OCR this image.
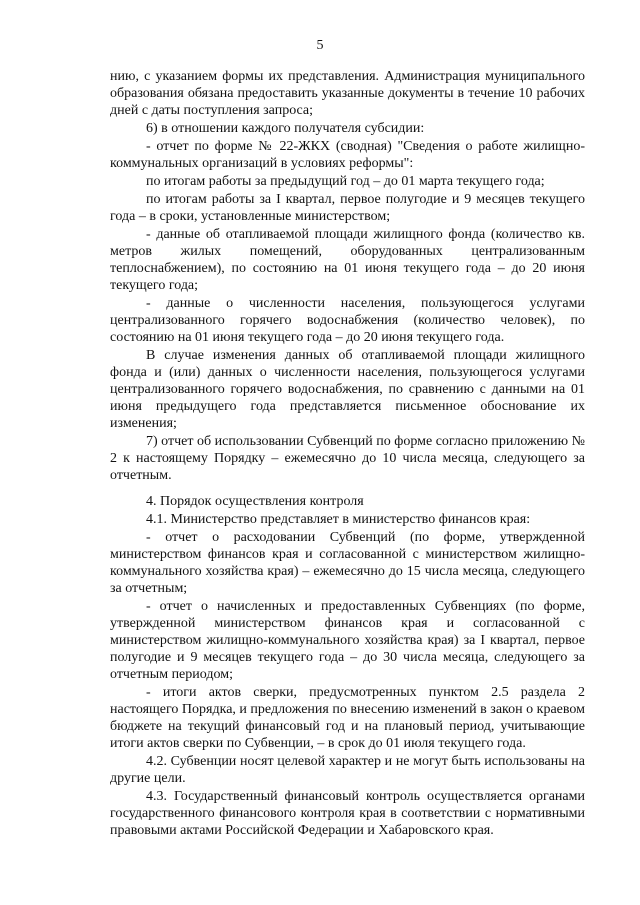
5

нию, с указанием формы их представления. Администрация муниципального образования обязана предоставить указанные документы в течение 10 рабочих дней с даты поступления запроса;

6) в отношении каждого получателя субсидии:

- отчет по форме № 22-ЖКХ (сводная) "Сведения о работе жилищно-коммунальных организаций в условиях реформы":

по итогам работы за предыдущий год – до 01 марта текущего года;

по итогам работы за I квартал, первое полугодие и 9 месяцев текущего года – в сроки, установленные министерством;

- данные об отапливаемой площади жилищного фонда (количество кв. метров жилых помещений, оборудованных централизованным теплоснабжением), по состоянию на 01 июня текущего года – до 20 июня текущего года;

- данные о численности населения, пользующегося услугами централизованного горячего водоснабжения (количество человек), по состоянию на 01 июня текущего года – до 20 июня текущего года.

В случае изменения данных об отапливаемой площади жилищного фонда и (или) данных о численности населения, пользующегося услугами централизованного горячего водоснабжения, по сравнению с данными на 01 июня предыдущего года представляется письменное обоснование их изменения;

7) отчет об использовании Субвенций по форме согласно приложению № 2 к настоящему Порядку – ежемесячно до 10 числа месяца, следующего за отчетным.

4. Порядок осуществления контроля

4.1. Министерство представляет в министерство финансов края:

- отчет о расходовании Субвенций (по форме, утвержденной министерством финансов края и согласованной с министерством жилищно-коммунального хозяйства края) – ежемесячно до 15 числа месяца, следующего за отчетным;

- отчет о начисленных и предоставленных Субвенциях (по форме, утвержденной министерством финансов края и согласованной с министерством жилищно-коммунального хозяйства края) за I квартал, первое полугодие и 9 месяцев текущего года – до 30 числа месяца, следующего за отчетным периодом;

- итоги актов сверки, предусмотренных пунктом 2.5 раздела 2 настоящего Порядка, и предложения по внесению изменений в закон о краевом бюджете на текущий финансовый год и на плановый период, учитывающие итоги актов сверки по Субвенции, – в срок до 01 июля текущего года.

4.2. Субвенции носят целевой характер и не могут быть использованы на другие цели.

4.3. Государственный финансовый контроль осуществляется органами государственного финансового контроля края в соответствии с нормативными правовыми актами Российской Федерации и Хабаровского края.
